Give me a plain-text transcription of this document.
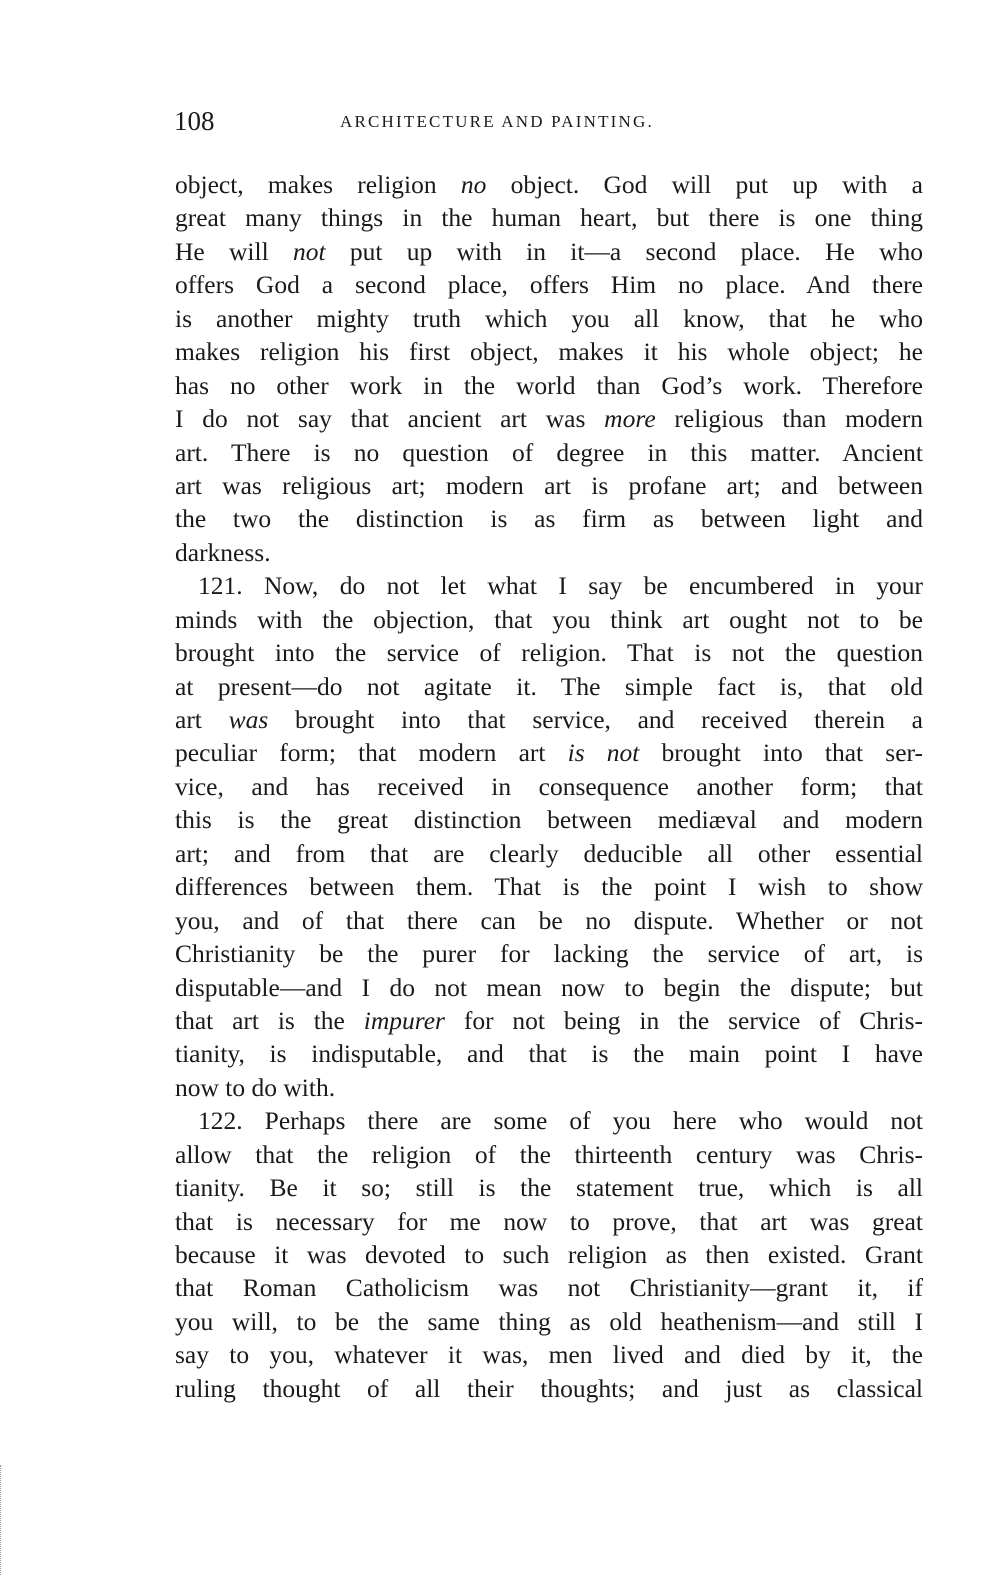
108	ARCHITECTURE AND PAINTING.
object, makes religion no object. God will put up with a
great many things in the human heart, but there is one thing
He will not put up with in it—a second place. He who
offers God a second place, offers Him no place. And there
is another mighty truth which you all know, that he who
makes religion his first object, makes it his whole object; he
has no other work in the world than God’s work. Therefore
I do not say that ancient art was more religious than modern
art. There is no question of degree in this matter. Ancient
art was religious art; modern art is profane art; and between
the two the distinction is as firm as between light and
darkness.
121. Now, do not let what I say be encumbered in your
minds with the objection, that you think art ought not to be
brought into the service of religion. That is not the question
at present—do not agitate it. The simple fact is, that old
art was brought into that service, and received therein a
peculiar form; that modern art is not brought into that ser-
vice, and has received in consequence another form; that
this is the great distinction between mediæval and modern
art; and from that are clearly deducible all other essential
differences between them. That is the point I wish to show
you, and of that there can be no dispute. Whether or not
Christianity be the purer for lacking the service of art, is
disputable—and I do not mean now to begin the dispute; but
that art is the impurer for not being in the service of Chris-
tianity, is indisputable, and that is the main point I have
now to do with.
122. Perhaps there are some of you here who would not
allow that the religion of the thirteenth century was Chris-
tianity. Be it so; still is the statement true, which is all
that is necessary for me now to prove, that art was great
because it was devoted to such religion as then existed. Grant
that Roman Catholicism was not Christianity—grant it, if
you will, to be the same thing as old heathenism—and still I
say to you, whatever it was, men lived and died by it, the
ruling thought of all their thoughts; and just as classical
